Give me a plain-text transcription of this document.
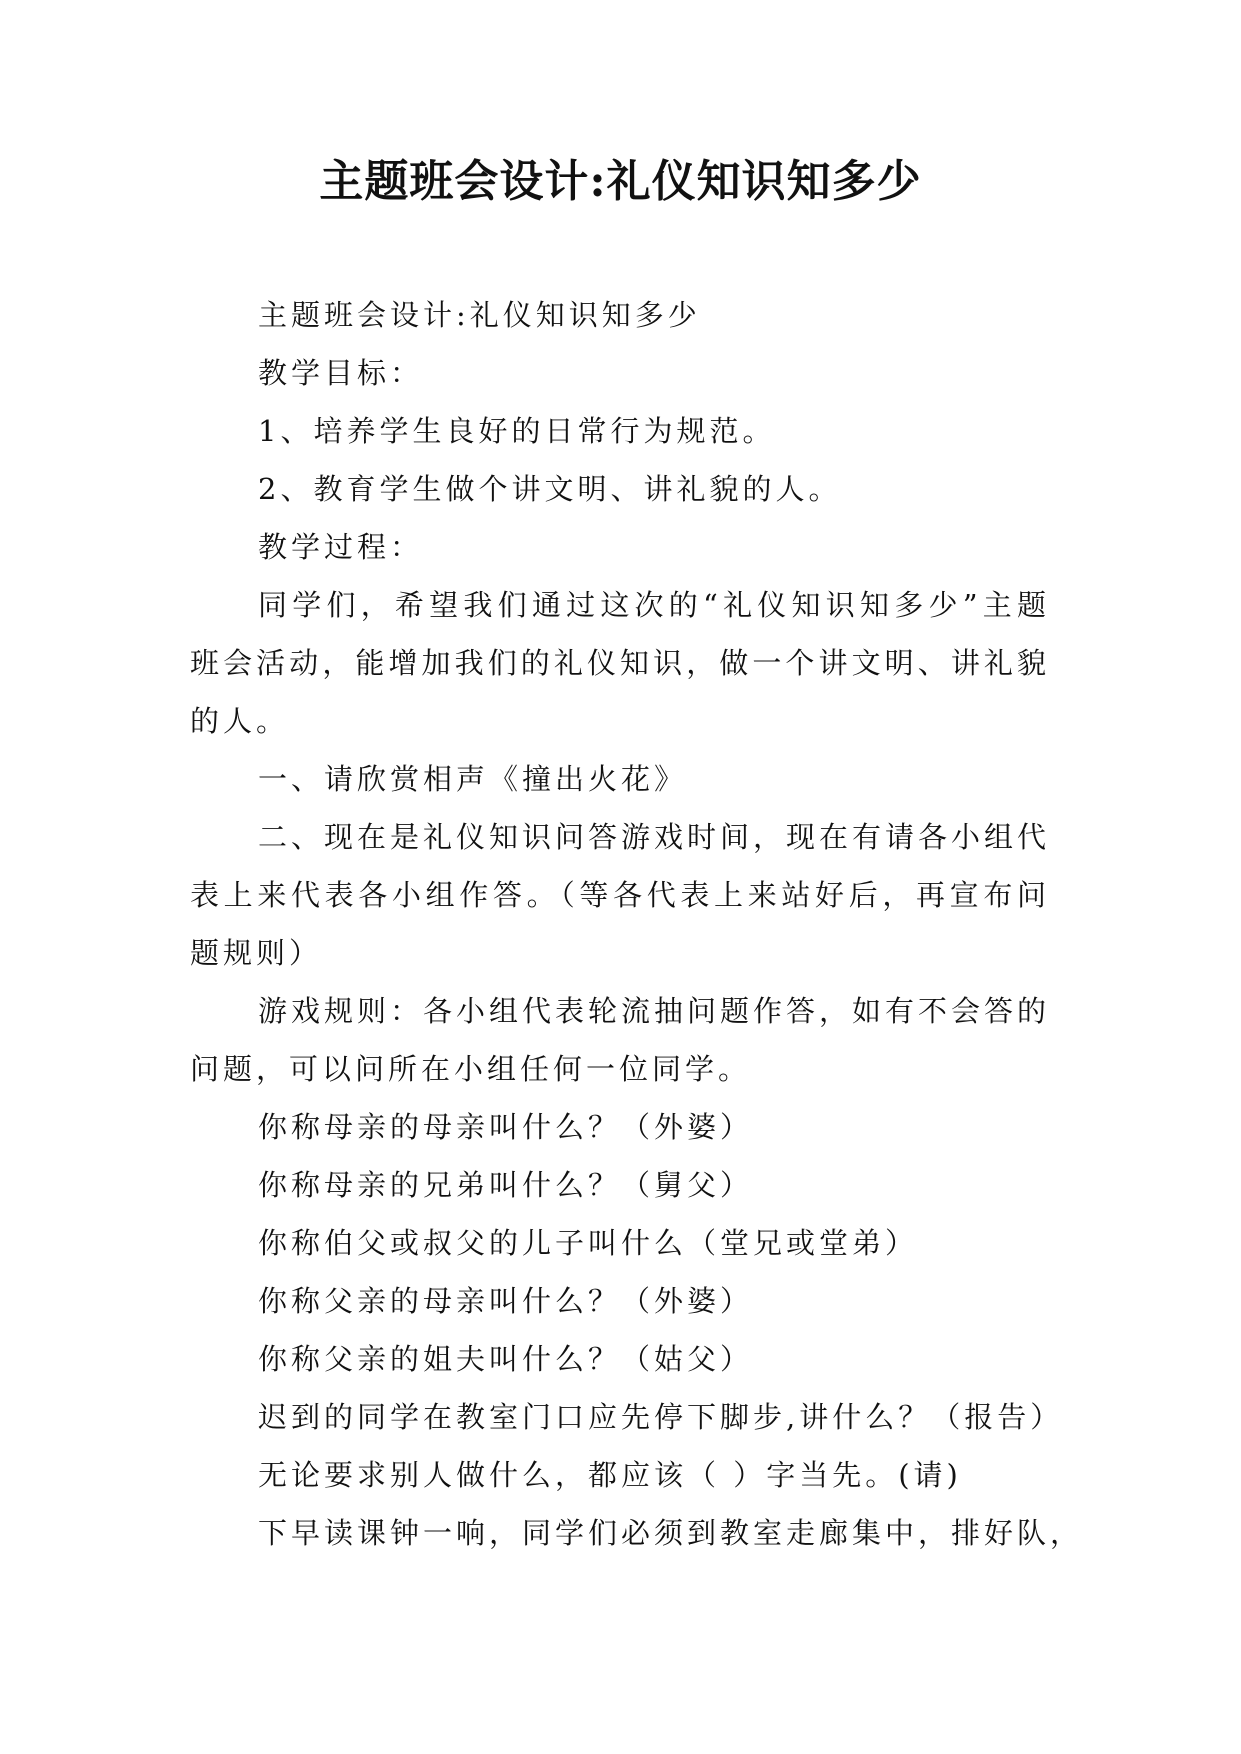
主题班会设计:礼仪知识知多少

主题班会设计:礼仪知识知多少

教学目标：

1、培养学生良好的日常行为规范。

2、教育学生做个讲文明、讲礼貌的人。

教学过程：

同学们，希望我们通过这次的“礼仪知识知多少”主题班会活动，能增加我们的礼仪知识，做一个讲文明、讲礼貌的人。

一、请欣赏相声《撞出火花》

二、现在是礼仪知识问答游戏时间，现在有请各小组代表上来代表各小组作答。（等各代表上来站好后，再宣布问题规则）

游戏规则：各小组代表轮流抽问题作答，如有不会答的问题，可以问所在小组任何一位同学。

你称母亲的母亲叫什么？（外婆）

你称母亲的兄弟叫什么？（舅父）

你称伯父或叔父的儿子叫什么（堂兄或堂弟）

你称父亲的母亲叫什么？（外婆）

你称父亲的姐夫叫什么？（姑父）

迟到的同学在教室门口应先停下脚步,讲什么？（报告）

无论要求别人做什么，都应该（ ）字当先。(请)

下早读课钟一响，同学们必须到教室走廊集中，排好队，
